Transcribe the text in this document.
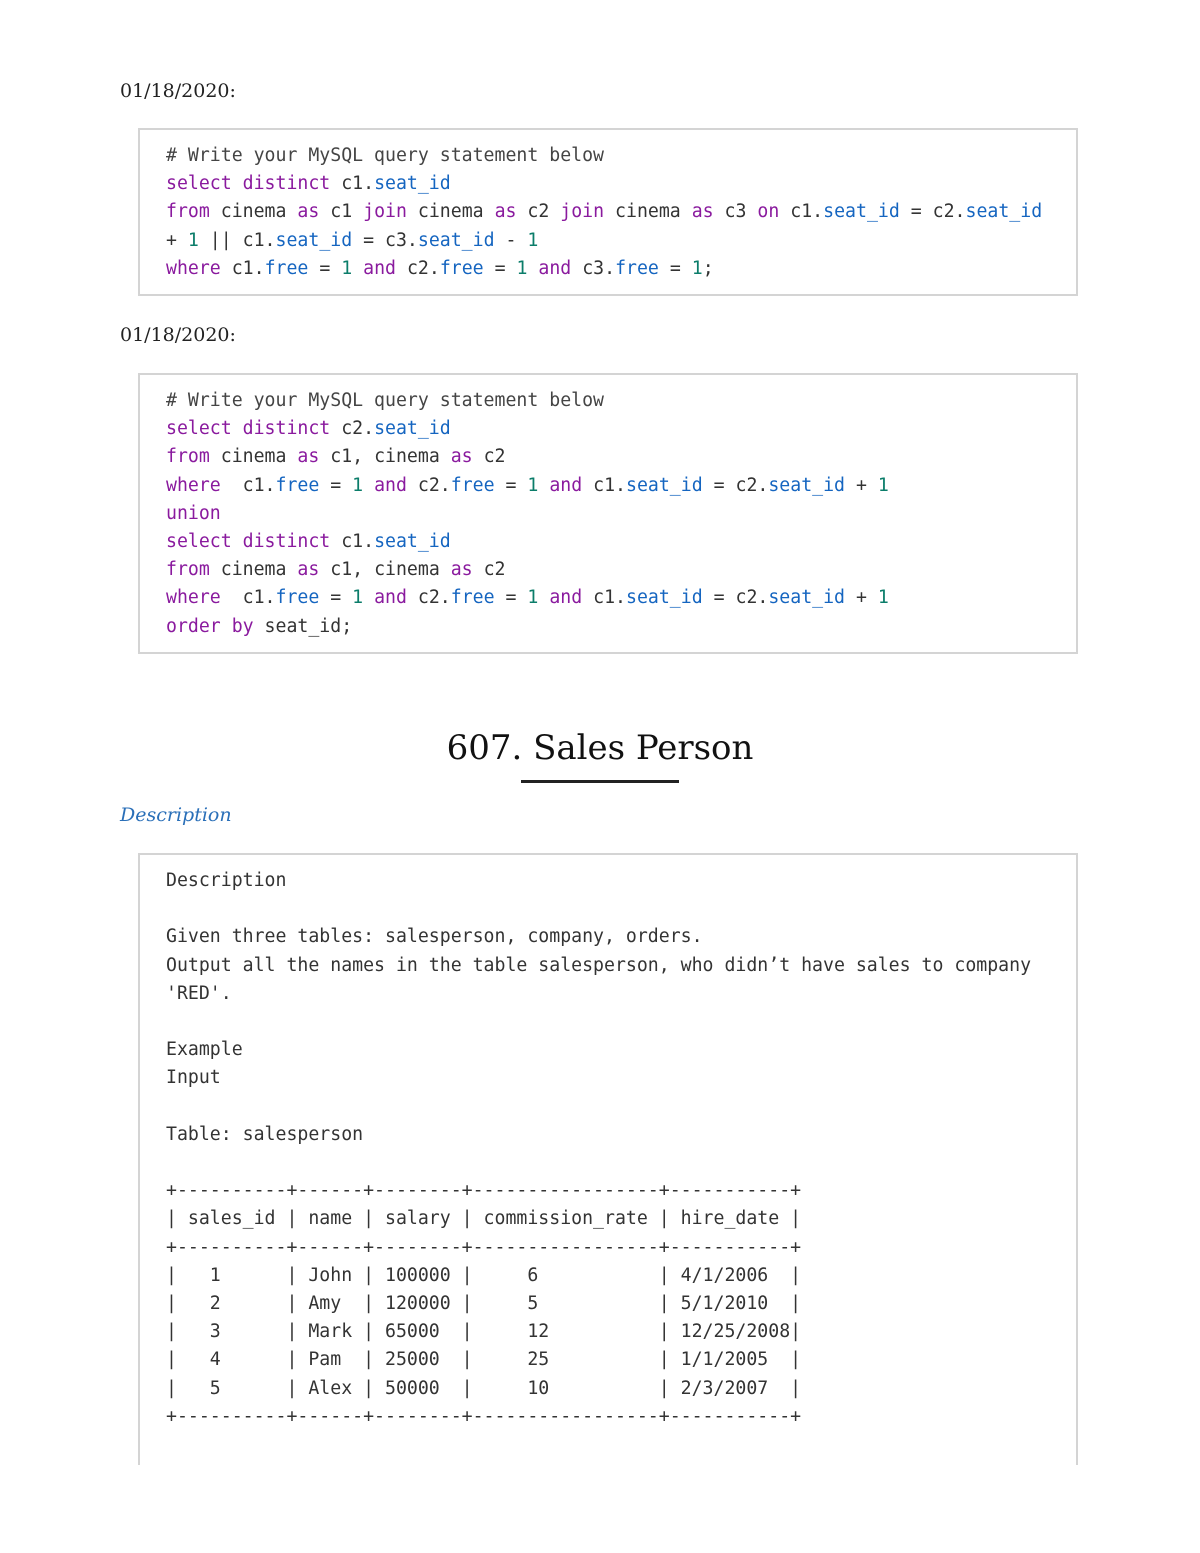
01/18/2020:
# Write your MySQL query statement below
select distinct c1.seat_id
from cinema as c1 join cinema as c2 join cinema as c3 on c1.seat_id = c2.seat_id
+ 1 || c1.seat_id = c3.seat_id - 1
where c1.free = 1 and c2.free = 1 and c3.free = 1;
01/18/2020:
# Write your MySQL query statement below
select distinct c2.seat_id
from cinema as c1, cinema as c2
where  c1.free = 1 and c2.free = 1 and c1.seat_id = c2.seat_id + 1
union
select distinct c1.seat_id
from cinema as c1, cinema as c2
where  c1.free = 1 and c2.free = 1 and c1.seat_id = c2.seat_id + 1
order by seat_id;
607. Sales Person
Description
Description
Given three tables: salesperson, company, orders.
Output all the names in the table salesperson, who didn’t have sales to company
'RED'.
Example
Input
Table: salesperson
+----------+------+--------+-----------------+-----------+
| sales_id | name | salary | commission_rate | hire_date |
+----------+------+--------+-----------------+-----------+
|   1      | John | 100000 |     6           | 4/1/2006  |
|   2      | Amy  | 120000 |     5           | 5/1/2010  |
|   3      | Mark | 65000  |     12          | 12/25/2008|
|   4      | Pam  | 25000  |     25          | 1/1/2005  |
|   5      | Alex | 50000  |     10          | 2/3/2007  |
+----------+------+--------+-----------------+-----------+
